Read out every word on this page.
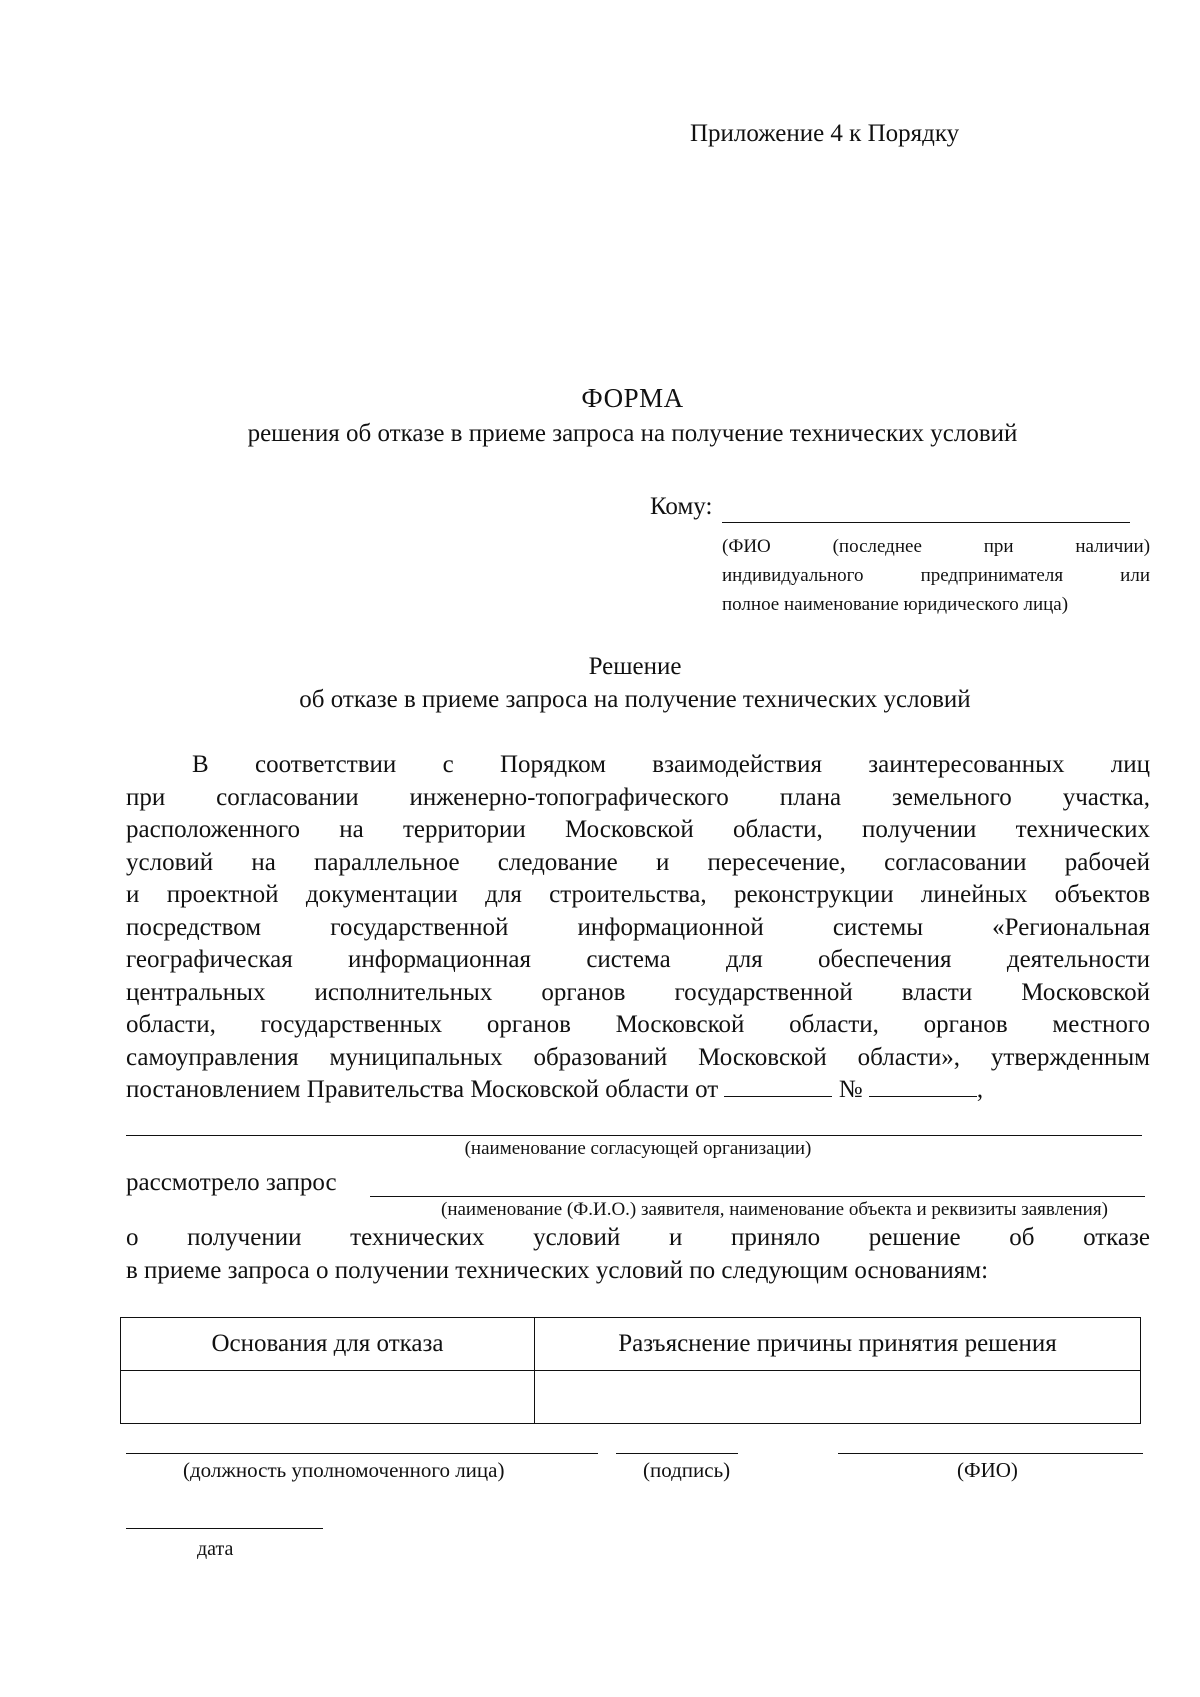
Приложение 4 к Порядку
ФОРМА
решения об отказе в приеме запроса на получение технических условий
Кому:
(ФИО	(последнее	при	наличии)
индивидуального	предпринимателя	или
полное наименование юридического лица)
Решение
об отказе в приеме запроса на получение технических условий
В соответствии с Порядком взаимодействия заинтересованных лиц
при согласовании инженерно-топографического плана земельного участка,
расположенного на территории Московской области, получении технических
условий на параллельное следование и пересечение, согласовании рабочей
и проектной документации для строительства, реконструкции линейных объектов
посредством государственной информационной системы «Региональная
географическая информационная система для обеспечения деятельности
центральных исполнительных органов государственной власти Московской
области, государственных органов Московской области, органов местного
самоуправления муниципальных образований Московской области», утвержденным
постановлением Правительства Московской области от	№	,
(наименование согласующей организации)
рассмотрело запрос
(наименование (Ф.И.О.) заявителя, наименование объекта и реквизиты заявления)
о получении технических условий и приняло решение об отказе
в приеме запроса о получении технических условий по следующим основаниям:
Основания для отказа	Разъяснение причины принятия решения

(должность уполномоченного лица)	(подпись)	(ФИО)
дата
